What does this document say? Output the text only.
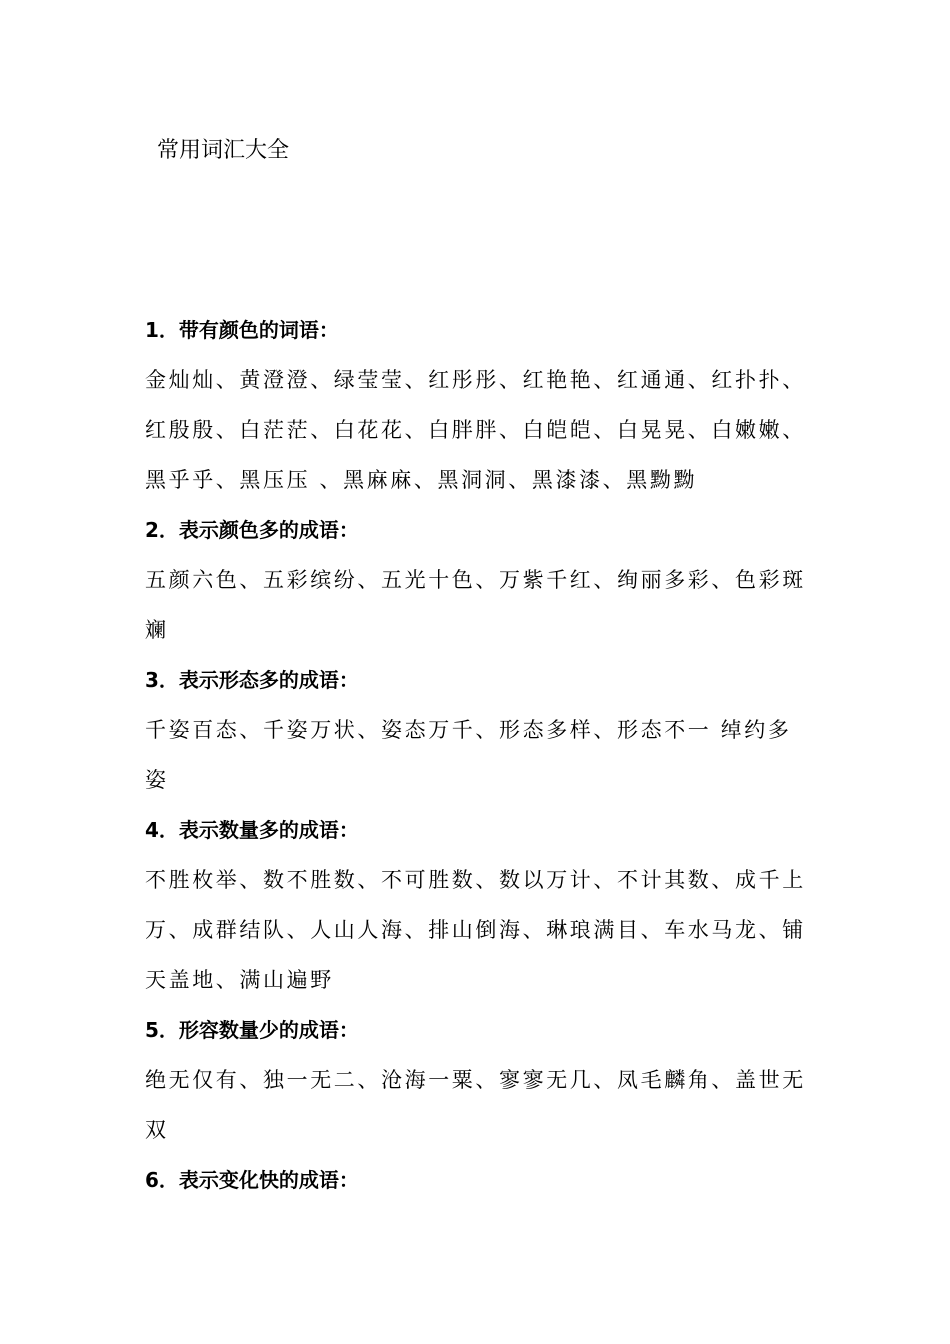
常用词汇大全
1．带有颜色的词语：

金灿灿、黄澄澄、绿莹莹、红彤彤、红艳艳、红通通、红扑扑、红殷殷、白茫茫、白花花、白胖胖、白皑皑、白晃晃、白嫩嫩、黑乎乎、黑压压 、黑麻麻、黑洞洞、黑漆漆、黑黝黝

2．表示颜色多的成语：

五颜六色、五彩缤纷、五光十色、万紫千红、绚丽多彩、色彩斑斓

3．表示形态多的成语：

千姿百态、千姿万状、姿态万千、形态多样、形态不一 绰约多姿

4．表示数量多的成语：

不胜枚举、数不胜数、不可胜数、数以万计、不计其数、成千上万、成群结队、人山人海、排山倒海、琳琅满目、车水马龙、铺天盖地、满山遍野

5．形容数量少的成语：

绝无仅有、独一无二、沧海一粟、寥寥无几、凤毛麟角、盖世无双

6．表示变化快的成语：
